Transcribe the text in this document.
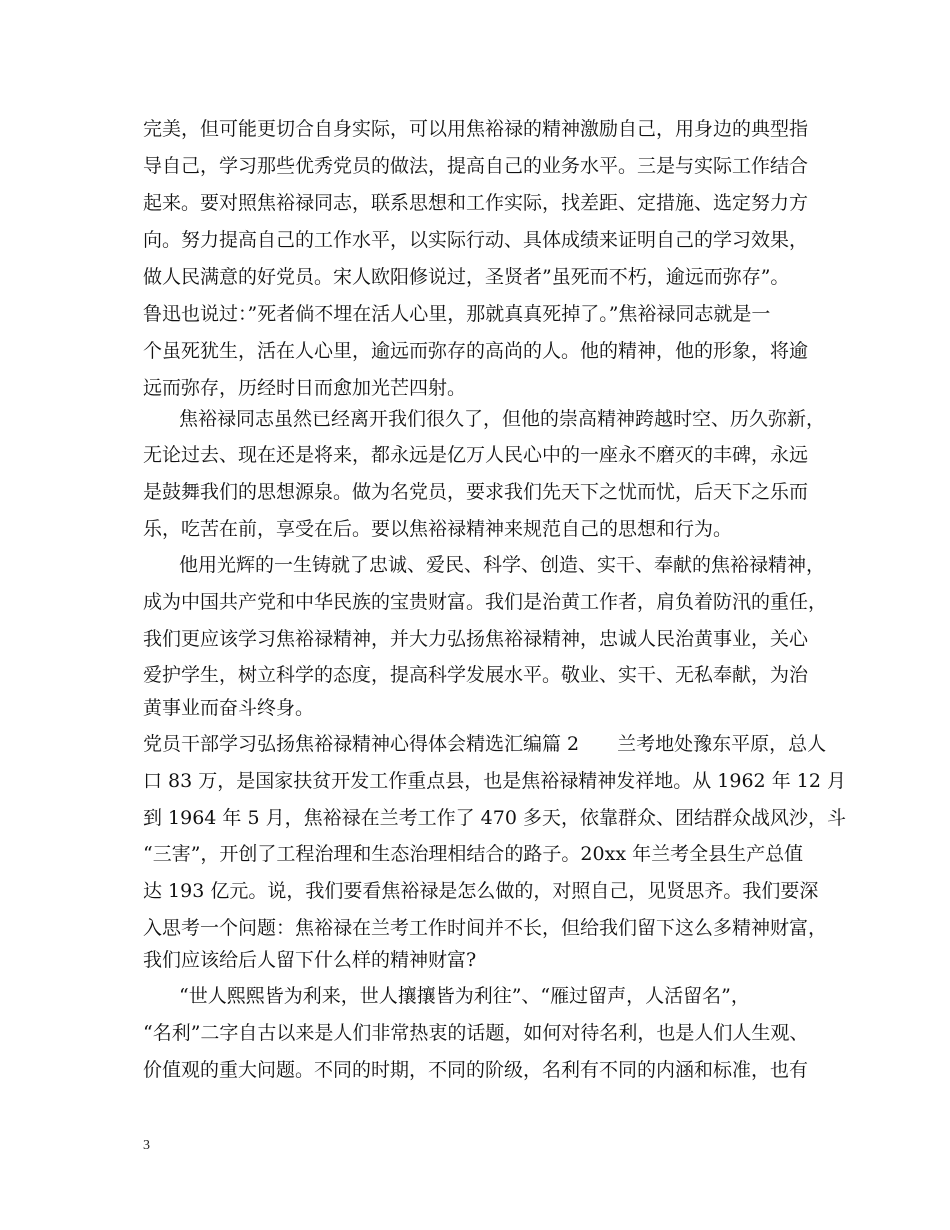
完美，但可能更切合自身实际，可以用焦裕禄的精神激励自己，用身边的典型指
导自己，学习那些优秀党员的做法，提高自己的业务水平。三是与实际工作结合
起来。要对照焦裕禄同志，联系思想和工作实际，找差距、定措施、选定努力方
向。努力提高自己的工作水平，以实际行动、具体成绩来证明自己的学习效果，
做人民满意的好党员。宋人欧阳修说过，圣贤者”虽死而不朽，逾远而弥存”。
鲁迅也说过：”死者倘不埋在活人心里，那就真真死掉了。”焦裕禄同志就是一
个虽死犹生，活在人心里，逾远而弥存的高尚的人。他的精神，他的形象，将逾
远而弥存，历经时日而愈加光芒四射。
焦裕禄同志虽然已经离开我们很久了，但他的崇高精神跨越时空、历久弥新，
无论过去、现在还是将来，都永远是亿万人民心中的一座永不磨灭的丰碑，永远
是鼓舞我们的思想源泉。做为名党员，要求我们先天下之忧而忧，后天下之乐而
乐，吃苦在前，享受在后。要以焦裕禄精神来规范自己的思想和行为。
他用光辉的一生铸就了忠诚、爱民、科学、创造、实干、奉献的焦裕禄精神，
成为中国共产党和中华民族的宝贵财富。我们是治黄工作者，肩负着防汛的重任，
我们更应该学习焦裕禄精神，并大力弘扬焦裕禄精神，忠诚人民治黄事业，关心
爱护学生，树立科学的态度，提高科学发展水平。敬业、实干、无私奉献，为治
黄事业而奋斗终身。
党员干部学习弘扬焦裕禄精神心得体会精选汇编篇 2　　兰考地处豫东平原，总人
口 83 万，是国家扶贫开发工作重点县，也是焦裕禄精神发祥地。从 1962 年 12 月
到 1964 年 5 月，焦裕禄在兰考工作了 470 多天，依靠群众、团结群众战风沙，斗
“三害”，开创了工程治理和生态治理相结合的路子。20xx 年兰考全县生产总值
达 193 亿元。说，我们要看焦裕禄是怎么做的，对照自己，见贤思齐。我们要深
入思考一个问题：焦裕禄在兰考工作时间并不长，但给我们留下这么多精神财富，
我们应该给后人留下什么样的精神财富?
“世人熙熙皆为利来，世人攘攘皆为利往”、“雁过留声，人活留名”，
“名利”二字自古以来是人们非常热衷的话题，如何对待名利，也是人们人生观、
价值观的重大问题。不同的时期，不同的阶级，名利有不同的内涵和标准，也有
3
